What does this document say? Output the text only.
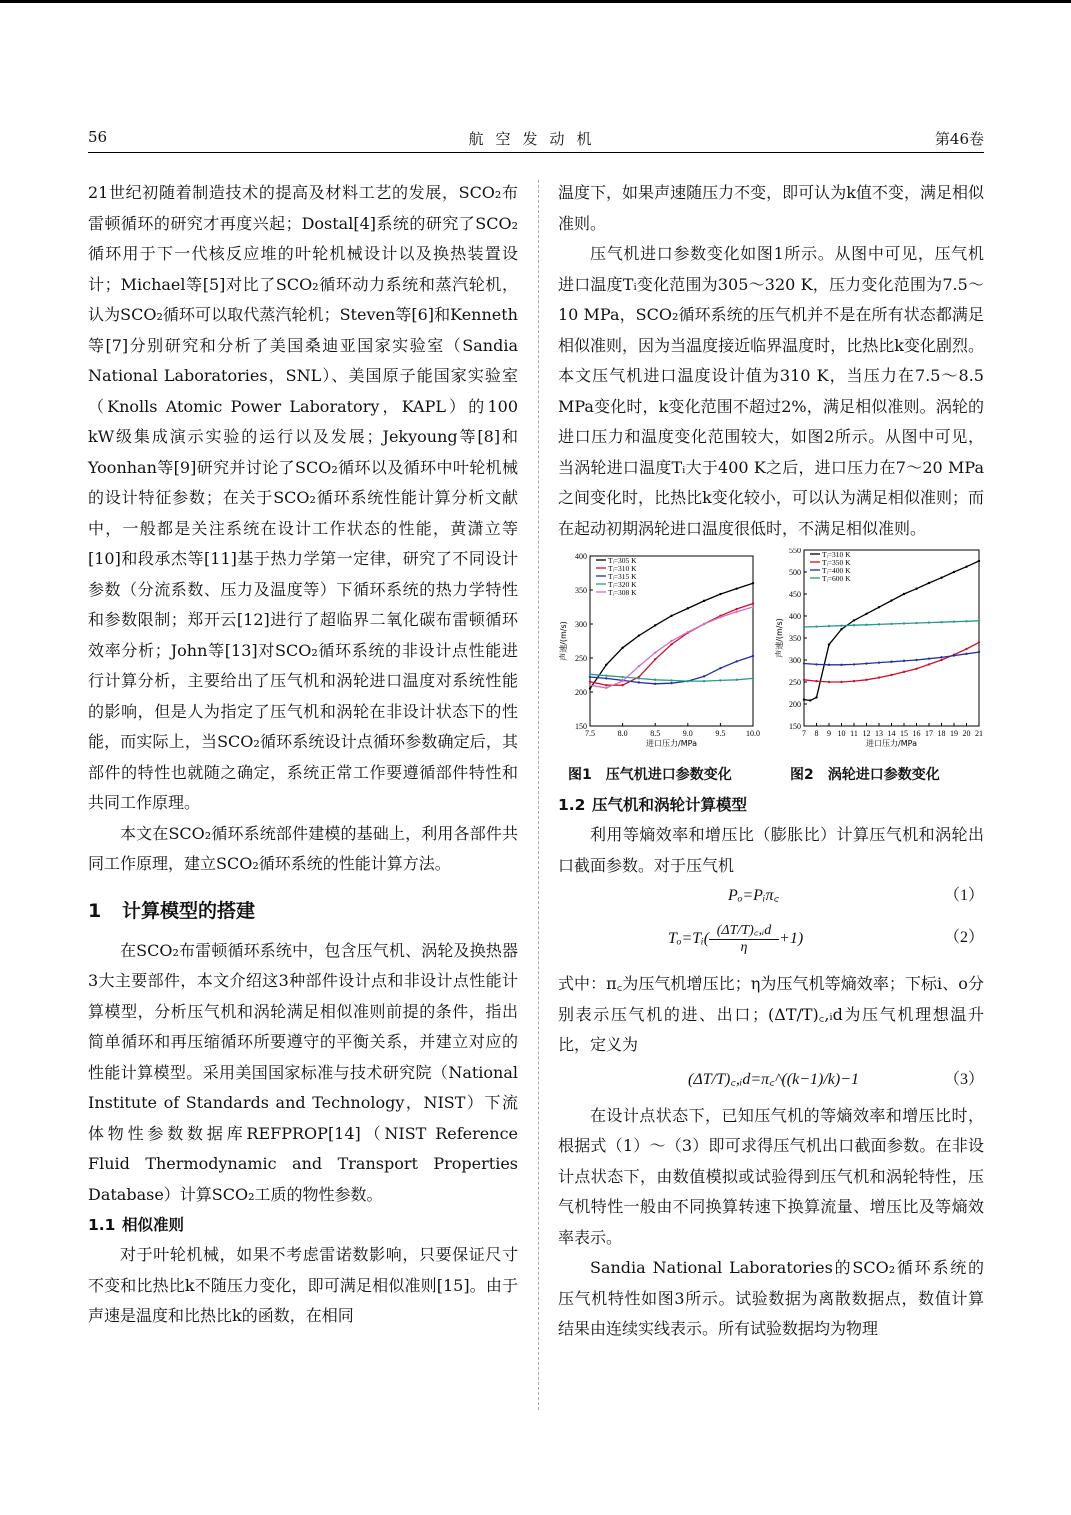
56	航空发动机	第46卷

21世纪初随着制造技术的提高及材料工艺的发展，SCO₂布雷顿循环的研究才再度兴起；Dostal[4]系统的研究了SCO₂循环用于下一代核反应堆的叶轮机械设计以及换热装置设计；Michael等[5]对比了SCO₂循环动力系统和蒸汽轮机，认为SCO₂循环可以取代蒸汽轮机；Steven等[6]和Kenneth等[7]分别研究和分析了美国桑迪亚国家实验室（Sandia National Laboratories，SNL）、美国原子能国家实验室（Knolls Atomic Power Laboratory，KAPL）的100 kW级集成演示实验的运行以及发展；Jekyoung等[8]和Yoonhan等[9]研究并讨论了SCO₂循环以及循环中叶轮机械的设计特征参数；在关于SCO₂循环系统性能计算分析文献中，一般都是关注系统在设计工作状态的性能，黄潇立等[10]和段承杰等[11]基于热力学第一定律，研究了不同设计参数（分流系数、压力及温度等）下循环系统的热力学特性和参数限制；郑开云[12]进行了超临界二氧化碳布雷顿循环效率分析；John等[13]对SCO₂循环系统的非设计点性能进行计算分析，主要给出了压气机和涡轮进口温度对系统性能的影响，但是人为指定了压气机和涡轮在非设计状态下的性能，而实际上，当SCO₂循环系统设计点循环参数确定后，其部件的特性也就随之确定，系统正常工作要遵循部件特性和共同工作原理。

本文在SCO₂循环系统部件建模的基础上，利用各部件共同工作原理，建立SCO₂循环系统的性能计算方法。

1 计算模型的搭建

在SCO₂布雷顿循环系统中，包含压气机、涡轮及换热器3大主要部件，本文介绍这3种部件设计点和非设计点性能计算模型，分析压气机和涡轮满足相似准则前提的条件，指出简单循环和再压缩循环所要遵守的平衡关系，并建立对应的性能计算模型。采用美国国家标准与技术研究院（National Institute of Standards and Technology，NIST）下流体物性参数数据库REFPROP[14]（NIST Reference Fluid Thermodynamic and Transport Properties Database）计算SCO₂工质的物性参数。

1.1 相似准则

对于叶轮机械，如果不考虑雷诺数影响，只要保证尺寸不变和比热比k不随压力变化，即可满足相似准则[15]。由于声速是温度和比热比k的函数，在相同

温度下，如果声速随压力不变，即可认为k值不变，满足相似准则。

压气机进口参数变化如图1所示。从图中可见，压气机进口温度Tᵢ变化范围为305～320 K，压力变化范围为7.5～10 MPa，SCO₂循环系统的压气机并不是在所有状态都满足相似准则，因为当温度接近临界温度时，比热比k变化剧烈。本文压气机进口温度设计值为310 K，当压力在7.5～8.5 MPa变化时，k变化范围不超过2%，满足相似准则。涡轮的进口压力和温度变化范围较大，如图2所示。从图中可见，当涡轮进口温度Tᵢ大于400 K之后，进口压力在7～20 MPa之间变化时，比热比k变化较小，可以认为满足相似准则；而在起动初期涡轮进口温度很低时，不满足相似准则。

7.5	8.0	8.5	9.0	9.5	10.0
150
200
250
300
350
400
进口压力/MPa
声速/(m/s)
Tᵢ=305 K
Tᵢ=310 K
Tᵢ=315 K
Tᵢ=320 K
Tᵢ=308 K
7 8 9 10 11 12 13 14 15 16 17 18 19 20 21
150
200
250
300
350
400
450
500
550
进口压力/MPa
声速/(m/s)
Tᵢ=310 K
Tᵢ=350 K
Tᵢ=400 K
Tᵢ=600 K
图1　压气机进口参数变化	图2　涡轮进口参数变化
1.2 压气机和涡轮计算模型

利用等熵效率和增压比（膨胀比）计算压气机和涡轮出口截面参数。对于压气机

Pₒ=Pᵢπ꜀	（1）
Tₒ=Tᵢ( $\frac{\text{(ΔT/T)꜀,ᵢd}}{\eta} +1$)	（2）

式中：π꜀为压气机增压比；η为压气机等熵效率；下标i、o分别表示压气机的进、出口；(ΔT/T)꜀,ᵢd为压气机理想温升比，定义为

(ΔT/T)꜀,ᵢd=π꜀^((k−1)/k)−1	（3）

在设计点状态下，已知压气机的等熵效率和增压比时，根据式（1）～（3）即可求得压气机出口截面参数。在非设计点状态下，由数值模拟或试验得到压气机和涡轮特性，压气机特性一般由不同换算转速下换算流量、增压比及等熵效率表示。

Sandia National Laboratories的SCO₂循环系统的压气机特性如图3所示。试验数据为离散数据点，数值计算结果由连续实线表示。所有试验数据均为物理
